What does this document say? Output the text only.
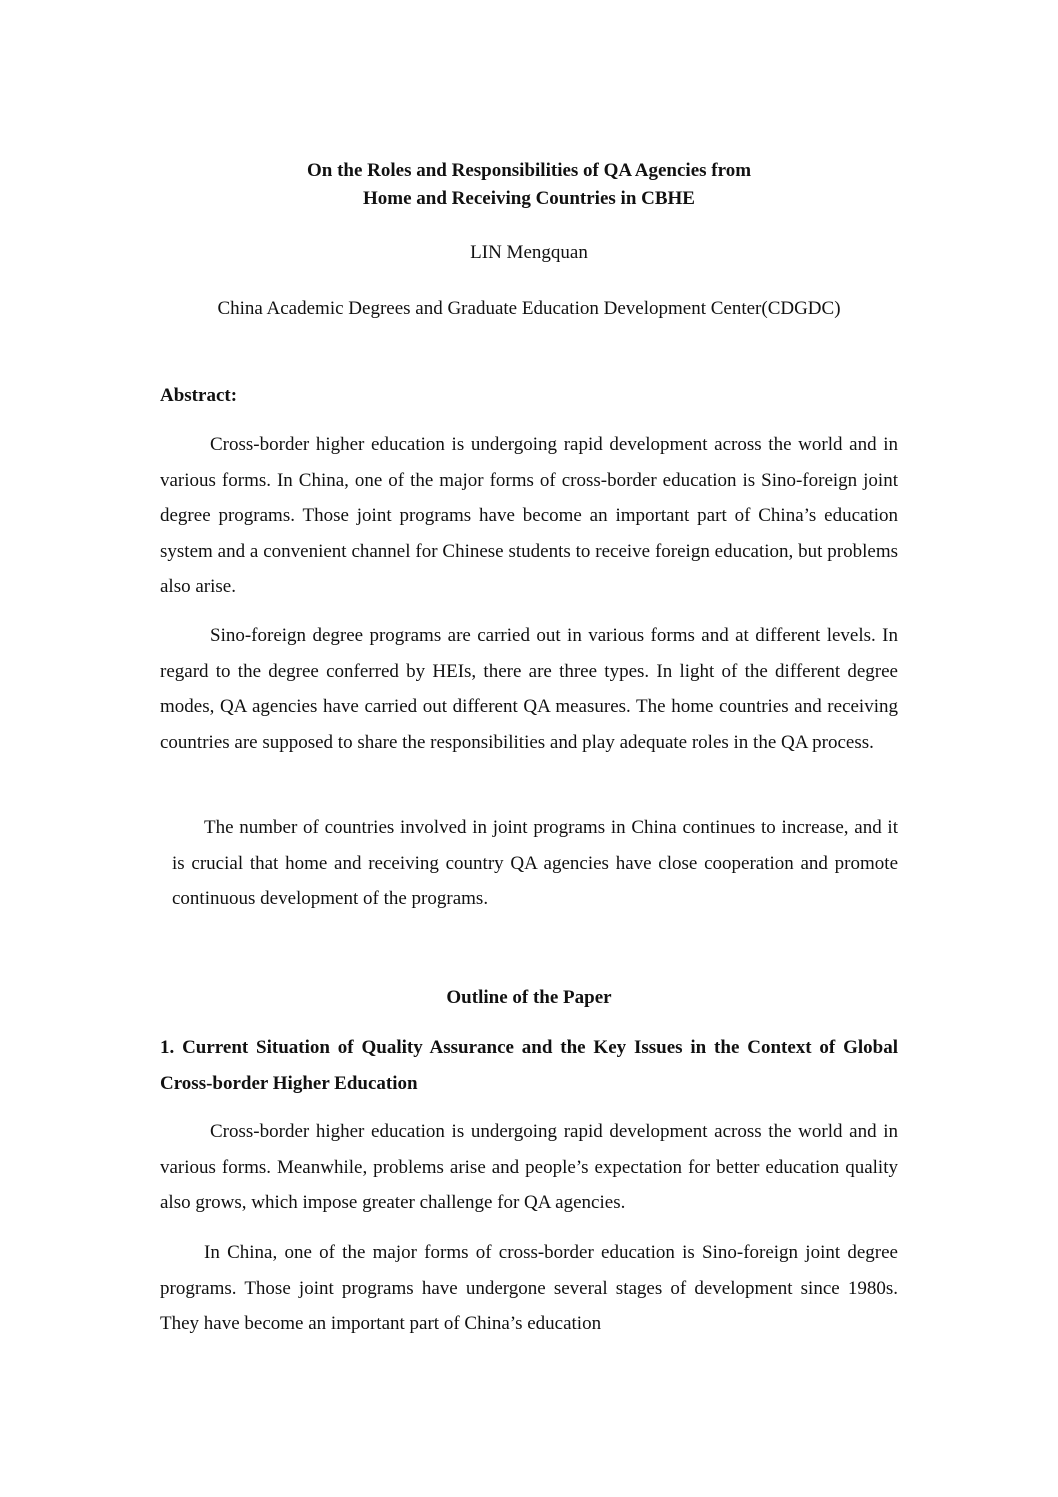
On the Roles and Responsibilities of QA Agencies from
Home and Receiving Countries in CBHE
LIN Mengquan
China Academic Degrees and Graduate Education Development Center(CDGDC)
Abstract:

Cross-border higher education is undergoing rapid development across the world and in various forms. In China, one of the major forms of cross-border education is Sino-foreign joint degree programs. Those joint programs have become an important part of China’s education system and a convenient channel for Chinese students to receive foreign education, but problems also arise.

Sino-foreign degree programs are carried out in various forms and at different levels. In regard to the degree conferred by HEIs, there are three types. In light of the different degree modes, QA agencies have carried out different QA measures. The home countries and receiving countries are supposed to share the responsibilities and play adequate roles in the QA process.

The number of countries involved in joint programs in China continues to increase, and it is crucial that home and receiving country QA agencies have close cooperation and promote continuous development of the programs.

Outline of the Paper

1. Current Situation of Quality Assurance and the Key Issues in the Context of Global Cross-border Higher Education

Cross-border higher education is undergoing rapid development across the world and in various forms. Meanwhile, problems arise and people’s expectation for better education quality also grows, which impose greater challenge for QA agencies.

In China, one of the major forms of cross-border education is Sino-foreign joint degree programs. Those joint programs have undergone several stages of development since 1980s. They have become an important part of China’s education
